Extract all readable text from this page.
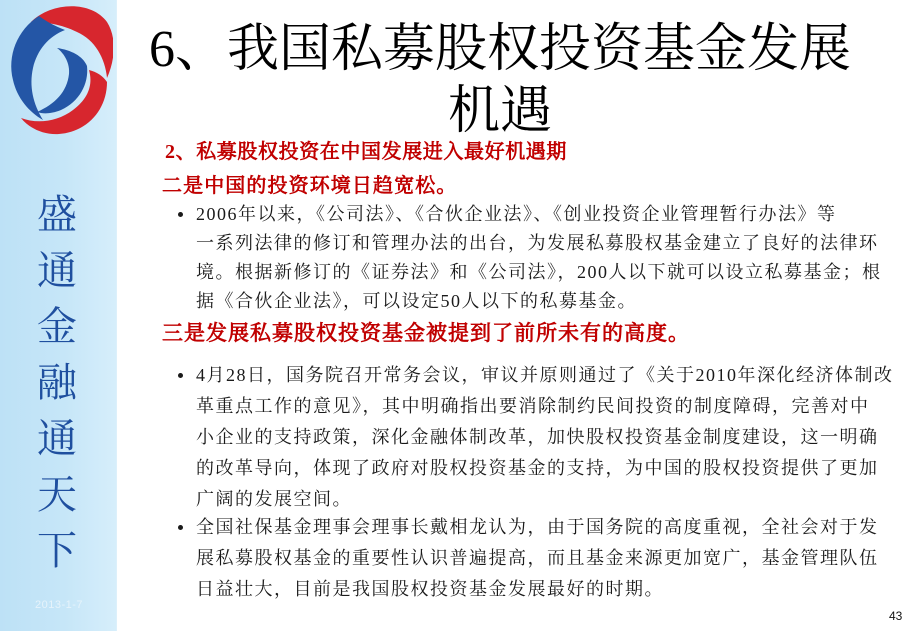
盛通金融通天下
2013-1-7
6、我国私募股权投资基金发展机遇
2、私募股权投资在中国发展进入最好机遇期
二是中国的投资环境日趋宽松。
2006年以来，《公司法》、《合伙企业法》、《创业投资企业管理暂行办法》等
一系列法律的修订和管理办法的出台，为发展私募股权基金建立了良好的法律环
境。根据新修订的《证券法》和《公司法》，200人以下就可以设立私募基金；根
据《合伙企业法》，可以设定50人以下的私募基金。
三是发展私募股权投资基金被提到了前所未有的高度。
4月28日，国务院召开常务会议，审议并原则通过了《关于2010年深化经济体制改
革重点工作的意见》，其中明确指出要消除制约民间投资的制度障碍，完善对中
小企业的支持政策，深化金融体制改革，加快股权投资基金制度建设，这一明确
的改革导向，体现了政府对股权投资基金的支持，为中国的股权投资提供了更加
广阔的发展空间。
全国社保基金理事会理事长戴相龙认为，由于国务院的高度重视，全社会对于发
展私募股权基金的重要性认识普遍提高，而且基金来源更加宽广，基金管理队伍
日益壮大，目前是我国股权投资基金发展最好的时期。
43
